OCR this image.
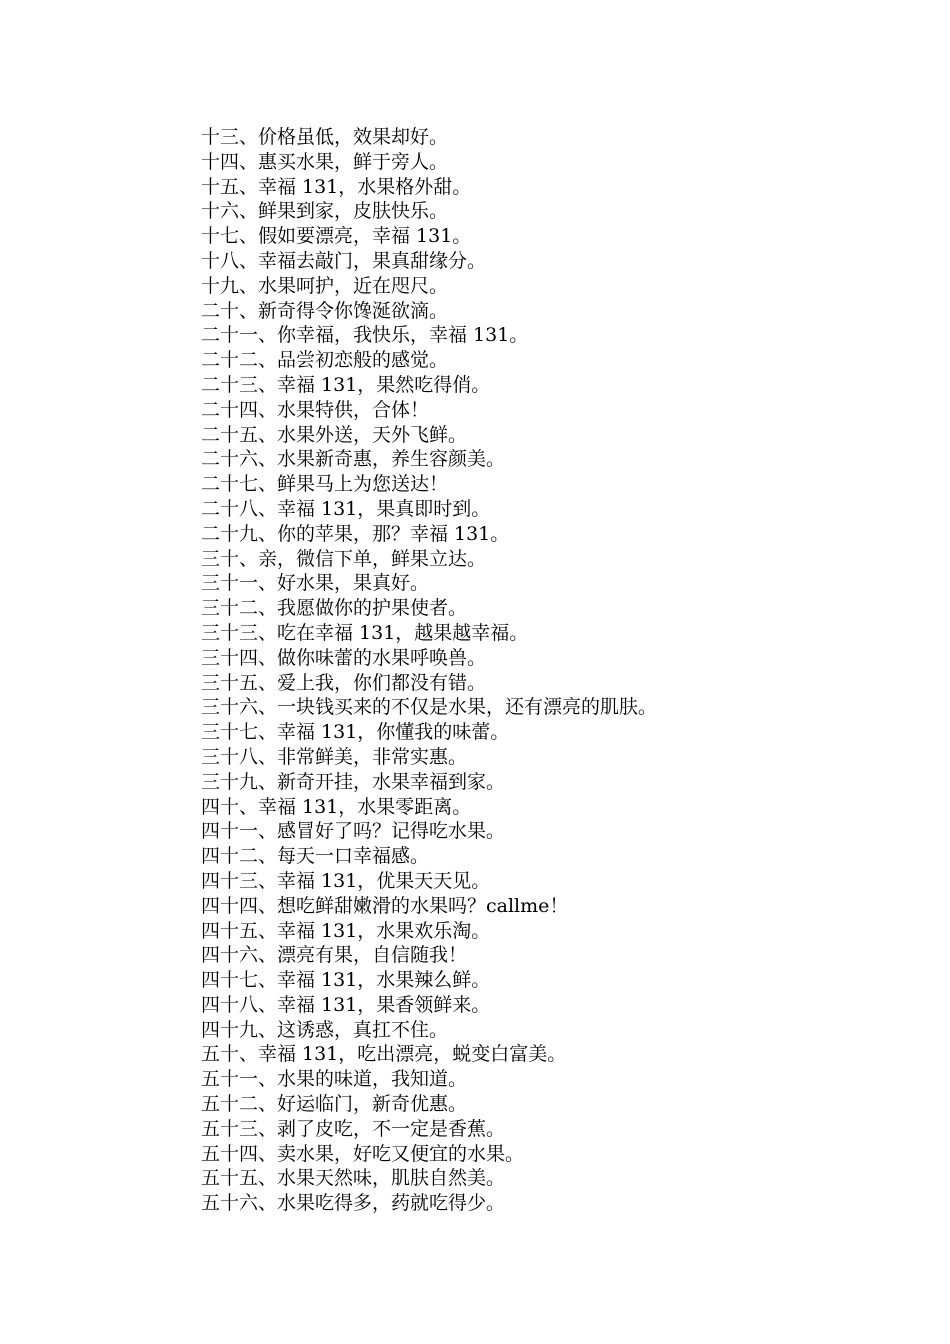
十三、价格虽低，效果却好。
十四、惠买水果，鲜于旁人。
十五、幸福 131，水果格外甜。
十六、鲜果到家，皮肤快乐。
十七、假如要漂亮，幸福 131。
十八、幸福去敲门，果真甜缘分。
十九、水果呵护，近在咫尺。
二十、新奇得令你馋涎欲滴。
二十一、你幸福，我快乐，幸福 131。
二十二、品尝初恋般的感觉。
二十三、幸福 131，果然吃得俏。
二十四、水果特供，合体！
二十五、水果外送，天外飞鲜。
二十六、水果新奇惠，养生容颜美。
二十七、鲜果马上为您送达！
二十八、幸福 131，果真即时到。
二十九、你的苹果，那？幸福 131。
三十、亲，微信下单，鲜果立达。
三十一、好水果，果真好。
三十二、我愿做你的护果使者。
三十三、吃在幸福 131，越果越幸福。
三十四、做你味蕾的水果呼唤兽。
三十五、爱上我，你们都没有错。
三十六、一块钱买来的不仅是水果，还有漂亮的肌肤。
三十七、幸福 131，你懂我的味蕾。
三十八、非常鲜美，非常实惠。
三十九、新奇开挂，水果幸福到家。
四十、幸福 131，水果零距离。
四十一、感冒好了吗？记得吃水果。
四十二、每天一口幸福感。
四十三、幸福 131，优果天天见。
四十四、想吃鲜甜嫩滑的水果吗？callme！
四十五、幸福 131，水果欢乐淘。
四十六、漂亮有果，自信随我！
四十七、幸福 131，水果辣么鲜。
四十八、幸福 131，果香领鲜来。
四十九、这诱惑，真扛不住。
五十、幸福 131，吃出漂亮，蜕变白富美。
五十一、水果的味道，我知道。
五十二、好运临门，新奇优惠。
五十三、剥了皮吃，不一定是香蕉。
五十四、卖水果，好吃又便宜的水果。
五十五、水果天然味，肌肤自然美。
五十六、水果吃得多，药就吃得少。
